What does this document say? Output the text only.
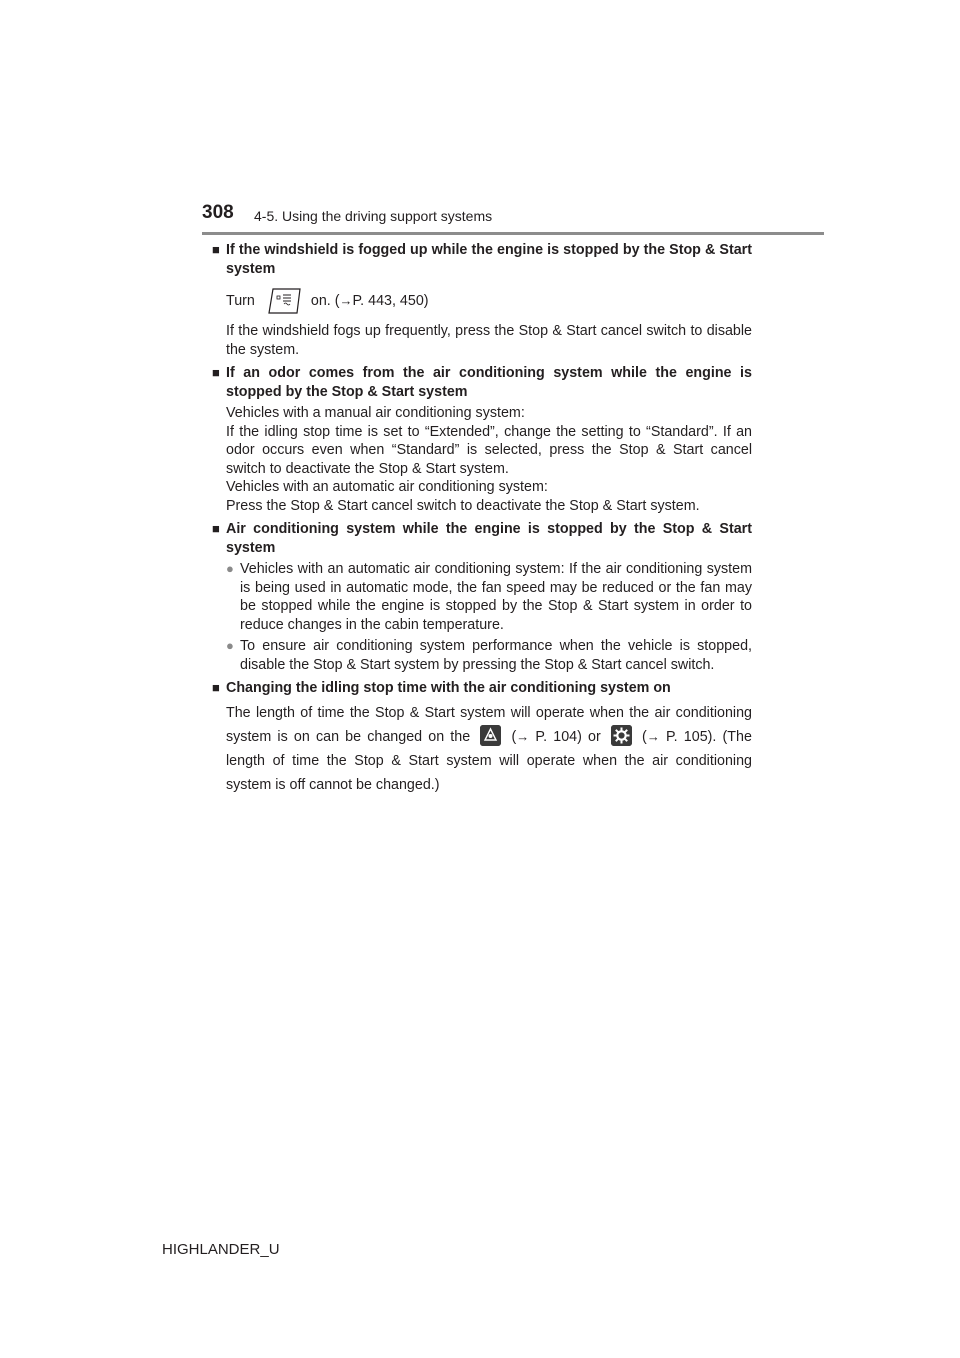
308 4-5. Using the driving support systems
■ If the windshield is fogged up while the engine is stopped by the Stop & Start system
Turn	on. ( → P. 443, 450)
If the windshield fogs up frequently, press the Stop & Start cancel switch to disable the system.
■ If an odor comes from the air conditioning system while the engine is stopped by the Stop & Start system
Vehicles with a manual air conditioning system:
If the idling stop time is set to “Extended”, change the setting to “Standard”. If an odor occurs even when “Standard” is selected, press the Stop & Start cancel switch to deactivate the Stop & Start system.
Vehicles with an automatic air conditioning system:
Press the Stop & Start cancel switch to deactivate the Stop & Start system.
■ Air conditioning system while the engine is stopped by the Stop & Start system
● Vehicles with an automatic air conditioning system: If the air conditioning system is being used in automatic mode, the fan speed may be reduced or the fan may be stopped while the engine is stopped by the Stop & Start system in order to reduce changes in the cabin temperature.
● To ensure air conditioning system performance when the vehicle is stopped, disable the Stop & Start system by pressing the Stop & Start cancel switch.
■ Changing the idling stop time with the air conditioning system on
The length of time the Stop & Start system will operate when the air conditioning system is on can be changed on the	(→ P. 104) or	(→ P. 105). (The length of time the Stop & Start system will operate when the air conditioning system is off cannot be changed.)
HIGHLANDER_U
